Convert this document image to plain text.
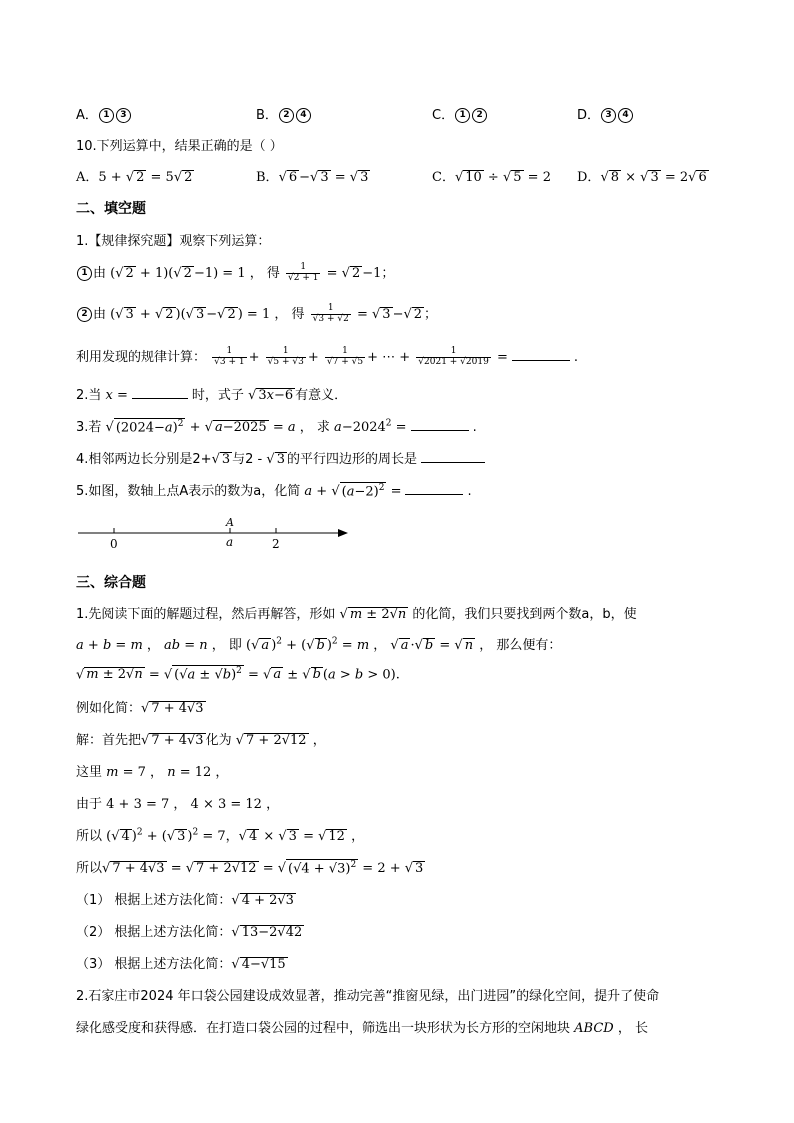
A． 1 3	B． 2 4	C． 1 2	D． 3 4
10.下列运算中，结果正确的是（ ）
A．5 + √ 2 = 5√ 2	B．√ 6 −√ 3 = √ 3	C．√ 10 ÷ √ 5 = 2 D．√ 8 × √ 3 = 2√ 6
二、填空题
1.【规律探究题】观察下列运算：
1 由 (√ 2 + 1)(√ 2 −1) = 1 ， 得 $\frac{1}{√2 + 1}$ = √ 2 −1；
2 由 (√ 3 + √ 2 )(√ 3 −√ 2 ) = 1 ， 得 $\frac{1}{√3 + √2}$ = √ 3 −√ 2 ；
利用发现的规律计算： $\frac{1}{√3 + 1} + \frac{1}{√5 + √3} + \frac{1}{√7 + √5}$ + ⋯ + $\frac{1}{√2021 + √2019}$ =	.
2.当 x =	时，式子 √ 3x−6 有意义．
3.若 √ $(2024-a)^2$ + √ a−2025 = a ， 求 $a-2024^2$ =	.
4.相邻两边长分别是2+√ 3 与2 - √ 3 的平行四边形的周长是
5.如图，数轴上点A表示的数为a，化简 a + √ $(a-2)^2$ =	.
0	a
A
2
三、综合题
1.先阅读下面的解题过程，然后再解答，形如 √ m ± 2√n 的化简，我们只要找到两个数a，b，使
a + b = m ， ab = n ， 即 (√ a )$^2$ + (√ b )$^2$ = m ， √ a ·√ b = √ n ， 那么便有：
√ m ± 2√n = √ $(√a \pm √b)^2$ = √ a ± √ b (a > b > 0).
例如化简：√ 7 + 4√3
解：首先把√ 7 + 4√3 化为 √ 7 + 2√12 ，
这里 m = 7 ， n = 12 ，
由于 4 + 3 = 7 ， 4 × 3 = 12 ，
所以 (√ 4 )$^2$ + (√ 3 )$^2$ = 7，√ 4 × √ 3 = √ 12 ，
所以√ 7 + 4√3 = √ 7 + 2√12 = √ $(√4 + √3)^2 = 2$ + √ 3
（1） 根据上述方法化简：√ 4 + 2√3
（2） 根据上述方法化简：√ 13−2√42
（3） 根据上述方法化简：√ 4−√15
2.石家庄市2024 年口袋公园建设成效显著，推动完善“推窗见绿，出门进园”的绿化空间，提升了使命
绿化感受度和获得感．在打造口袋公园的过程中，筛选出一块形状为长方形的空闲地块 ABCD ， 长
